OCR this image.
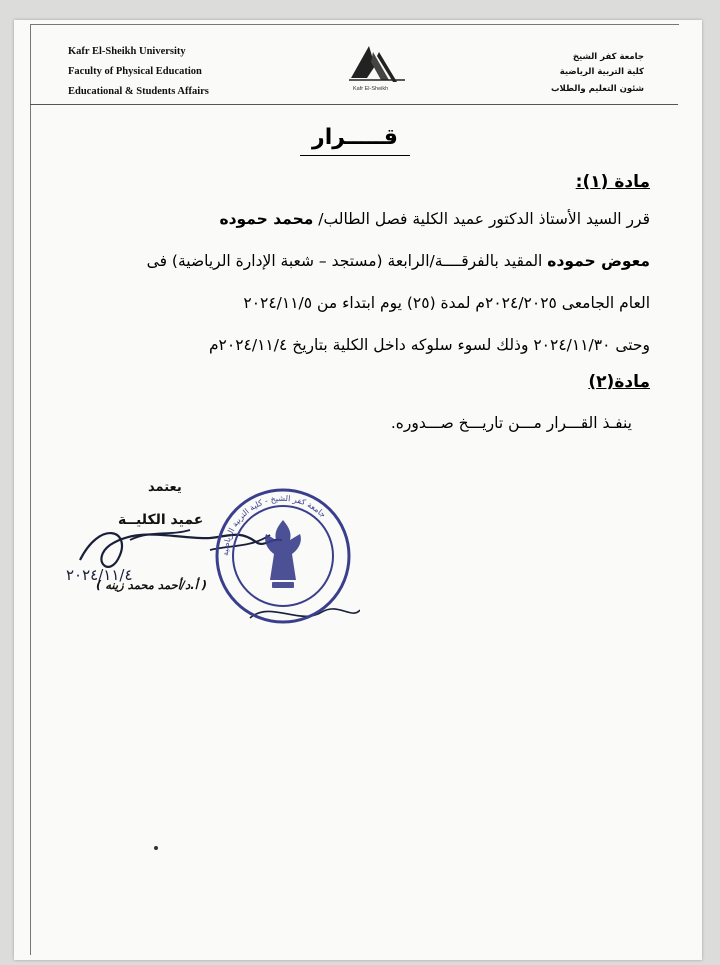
Kafr El-Sheikh University
Faculty of Physical Education
Educational & Students Affairs	Kafr El-Sheikh
جامعة كفر الشيخ
كلية التربية الرياضية
شئون التعليم والطلاب
قـــــرار
مادة (١):
قرر السيد الأستاذ الدكتور عميد الكلية فصل الطالب/ محمد حموده
معوض حموده المقيد بالفرقــــة/الرابعة (مستجد – شعبة الإدارة الرياضية) فى
العام الجامعى ٢٠٢٤/٢٠٢٥م لمدة (٢٥) يوم ابتداء من ٢٠٢٤/١١/٥
وحتى ٢٠٢٤/١١/٣٠ وذلك لسوء سلوكه داخل الكلية بتاريخ ٢٠٢٤/١١/٤م
مادة(٢)
ينفـذ القـــرار مـــن تاريـــخ صـــدوره.
يعتمد
عميد الكليــة
( أ.د/أحمد محمد زينه )
٢٠٢٤/١١/٤
جامعة كفر الشيخ - كلية التربية الرياضية
